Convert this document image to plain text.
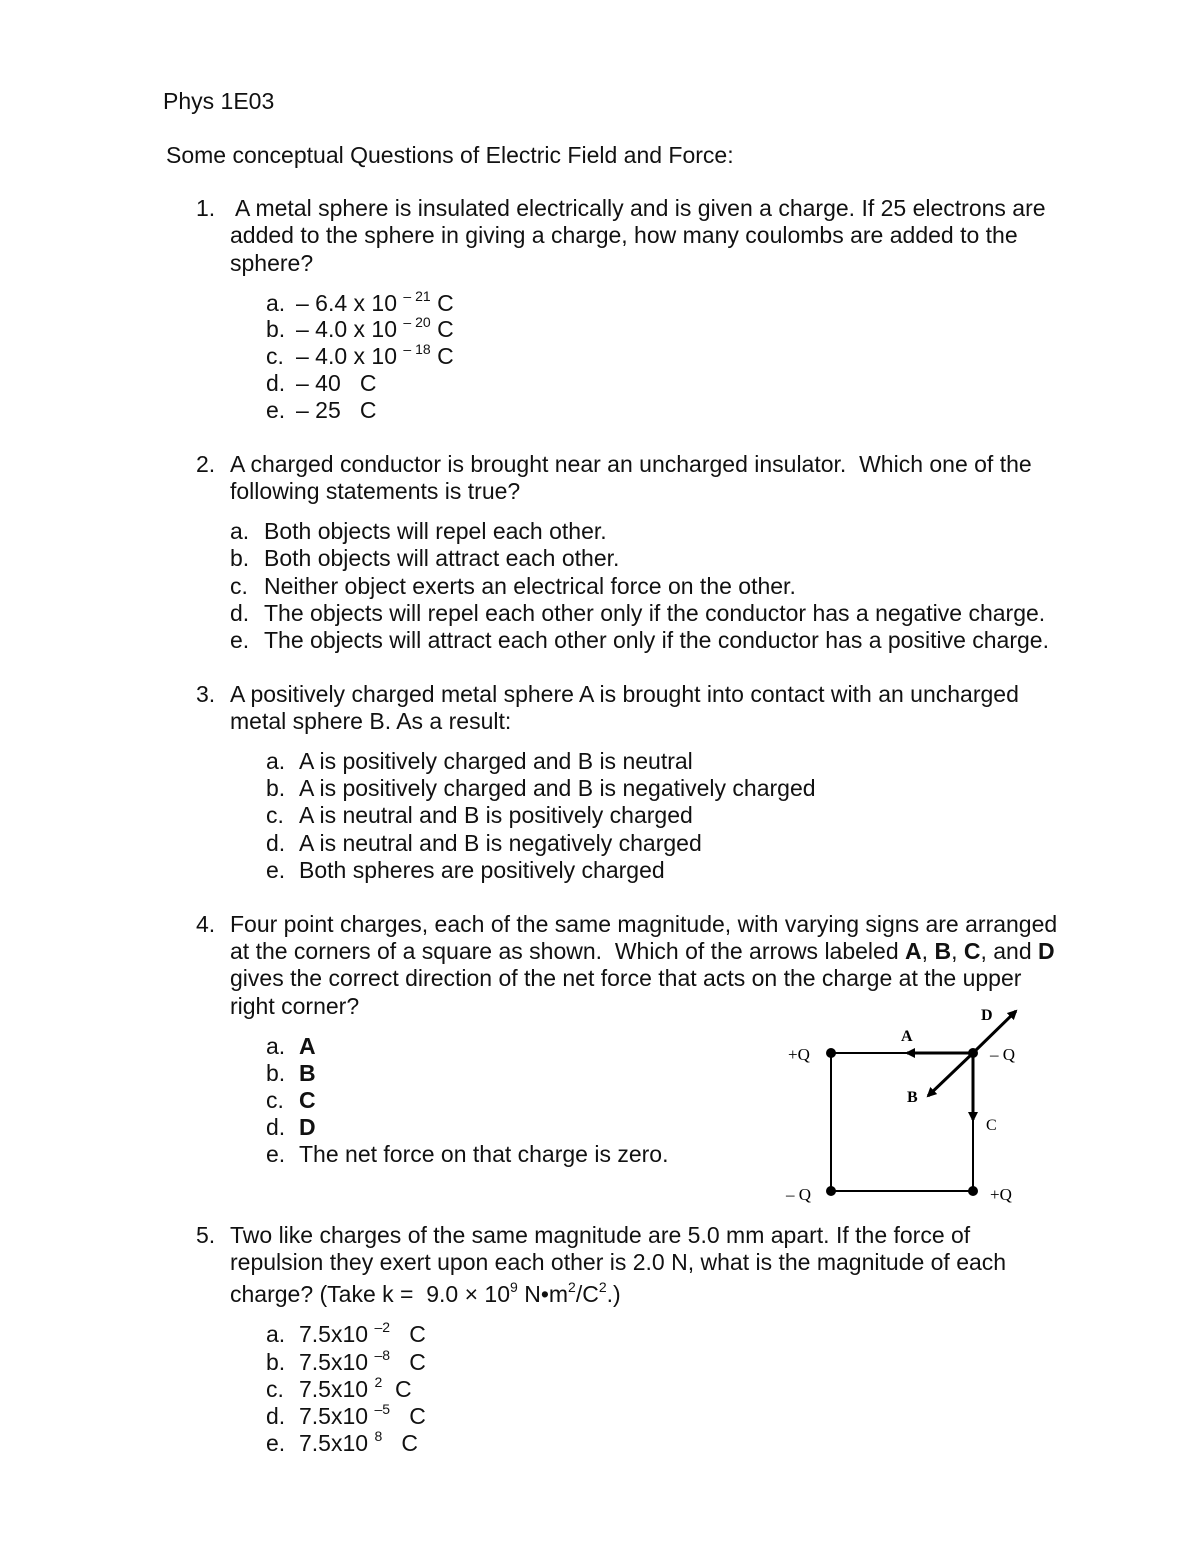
Phys 1E03
Some conceptual Questions of Electric Field and Force:
1. A metal sphere is insulated electrically and is given a charge. If 25 electrons are
added to the sphere in giving a charge, how many coulombs are added to the
sphere?
a. – 6.4 x 10 $^{- 21}$ C
b. – 4.0 x 10 $^{- 20}$ C
c. – 4.0 x 10 $^{- 18}$ C
d. – 40   C
e. – 25   C
2. A charged conductor is brought near an uncharged insulator.  Which one of the
following statements is true?
a. Both objects will repel each other.
b. Both objects will attract each other.
c. Neither object exerts an electrical force on the other.
d. The objects will repel each other only if the conductor has a negative charge.
e. The objects will attract each other only if the conductor has a positive charge.
3. A positively charged metal sphere A is brought into contact with an uncharged
metal sphere B. As a result:
a. A is positively charged and B is neutral
b. A is positively charged and B is negatively charged
c. A is neutral and B is positively charged
d. A is neutral and B is negatively charged
e. Both spheres are positively charged
4. Four point charges, each of the same magnitude, with varying signs are arranged
at the corners of a square as shown.  Which of the arrows labeled A, B, C, and D
gives the correct direction of the net force that acts on the charge at the upper
right corner?
a. A
b. B
c. C
d. D
e. The net force on that charge is zero.
+Q	– Q
– Q	+Q
A
B
C
D
5. Two like charges of the same magnitude are 5.0 mm apart. If the force of
repulsion they exert upon each other is 2.0 N, what is the magnitude of each
charge? (Take $k = 9.0 \times 10^9$ $N•m^2/C^2$.)
a. 7.5x10 $^{-2}$ C
b. 7.5x10 $^{-8}$ C
c. 7.5x10 $^2$ C
d. 7.5x10 $^{-5}$ C
e. 7.5x10 $^8$ C
